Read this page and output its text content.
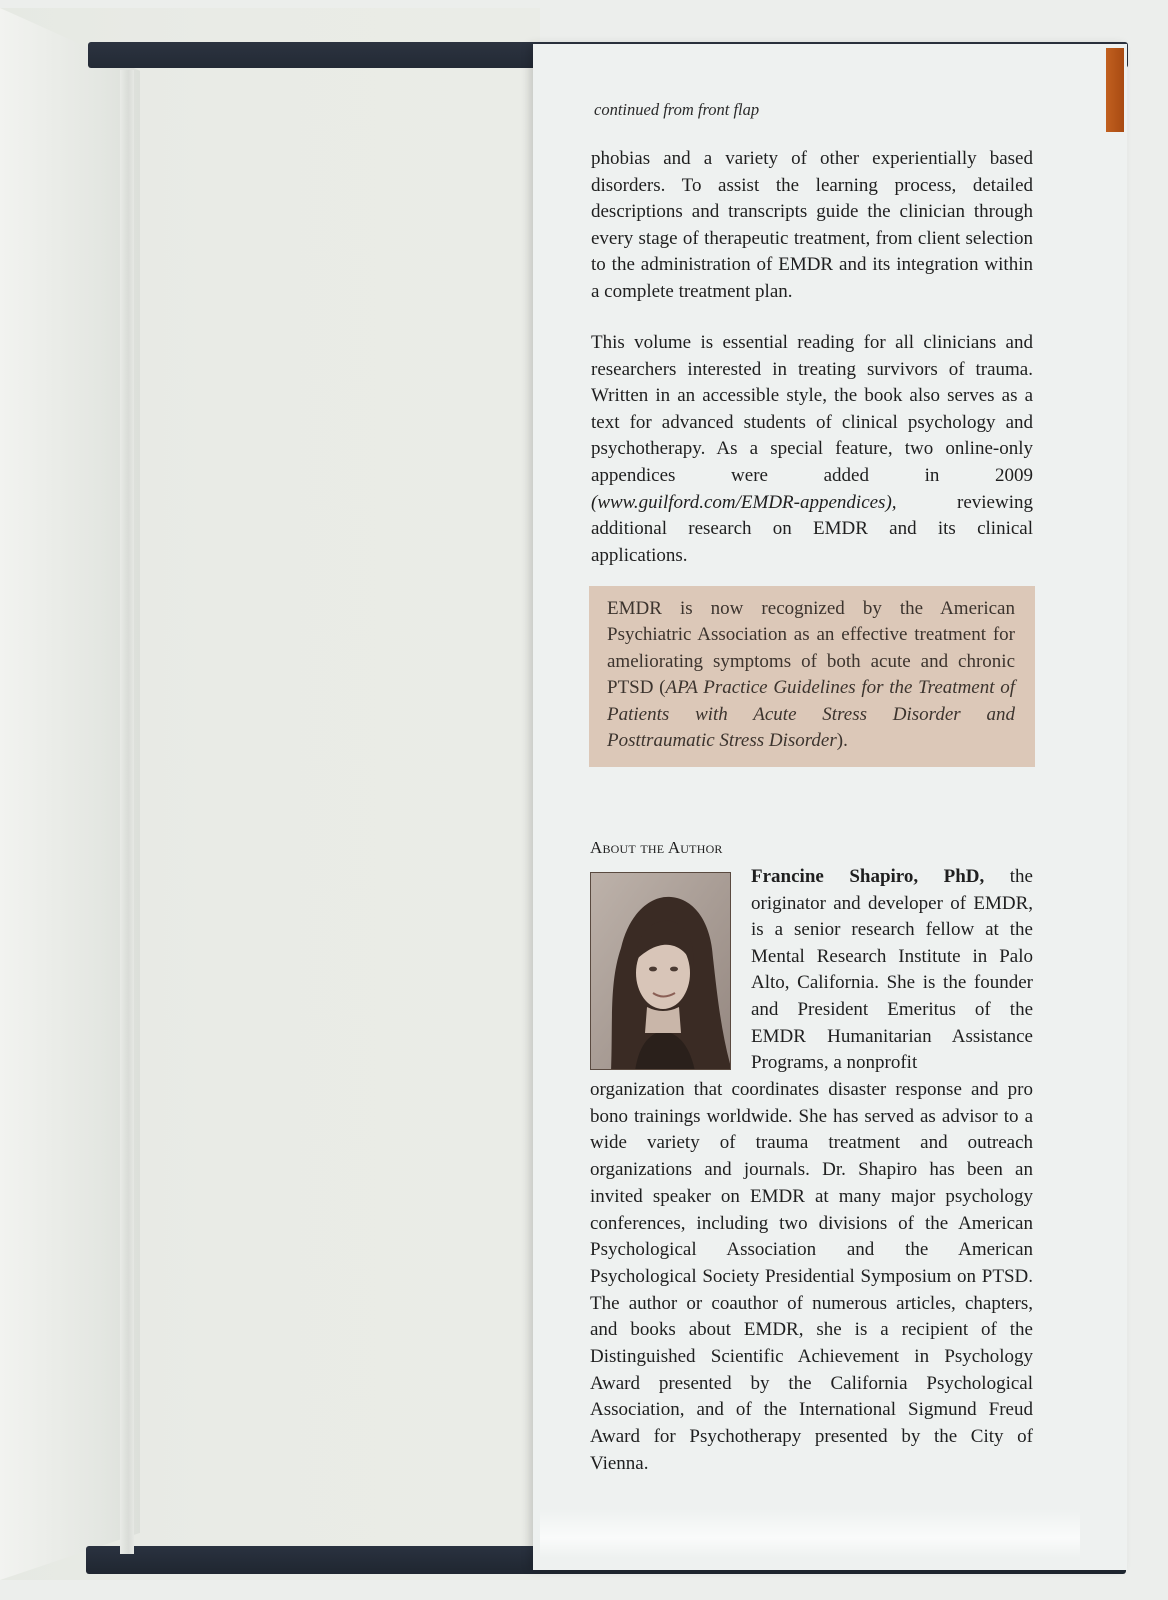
continued from front flap

phobias and a variety of other experientially based disorders. To assist the learning process, detailed descriptions and transcripts guide the clinician through every stage of therapeutic treatment, from client selection to the administration of EMDR and its integration within a complete treatment plan.

This volume is essential reading for all clinicians and researchers interested in treating survivors of trauma. Written in an accessible style, the book also serves as a text for advanced students of clinical psychology and psychotherapy. As a special feature, two online-only appendices were added in 2009 (www.guilford.com/EMDR-appendices), reviewing additional research on EMDR and its clinical applications.

EMDR is now recognized by the American Psychiatric Association as an effective treatment for ameliorating symptoms of both acute and chronic PTSD (APA Practice Guidelines for the Treatment of Patients with Acute Stress Disorder and Posttraumatic Stress Disorder).

About the Author

Francine Shapiro, PhD, the originator and developer of EMDR, is a senior research fellow at the Mental Research Institute in Palo Alto, California. She is the founder and President Emeritus of the EMDR Humanitarian Assistance Programs, a nonprofit

organization that coordinates disaster response and pro bono trainings worldwide. She has served as advisor to a wide variety of trauma treatment and outreach organizations and journals. Dr. Shapiro has been an invited speaker on EMDR at many major psychology conferences, including two divisions of the American Psychological Association and the American Psychological Society Presidential Symposium on PTSD. The author or coauthor of numerous articles, chapters, and books about EMDR, she is a recipient of the Distinguished Scientific Achievement in Psychology Award presented by the California Psychological Association, and of the International Sigmund Freud Award for Psychotherapy presented by the City of Vienna.
